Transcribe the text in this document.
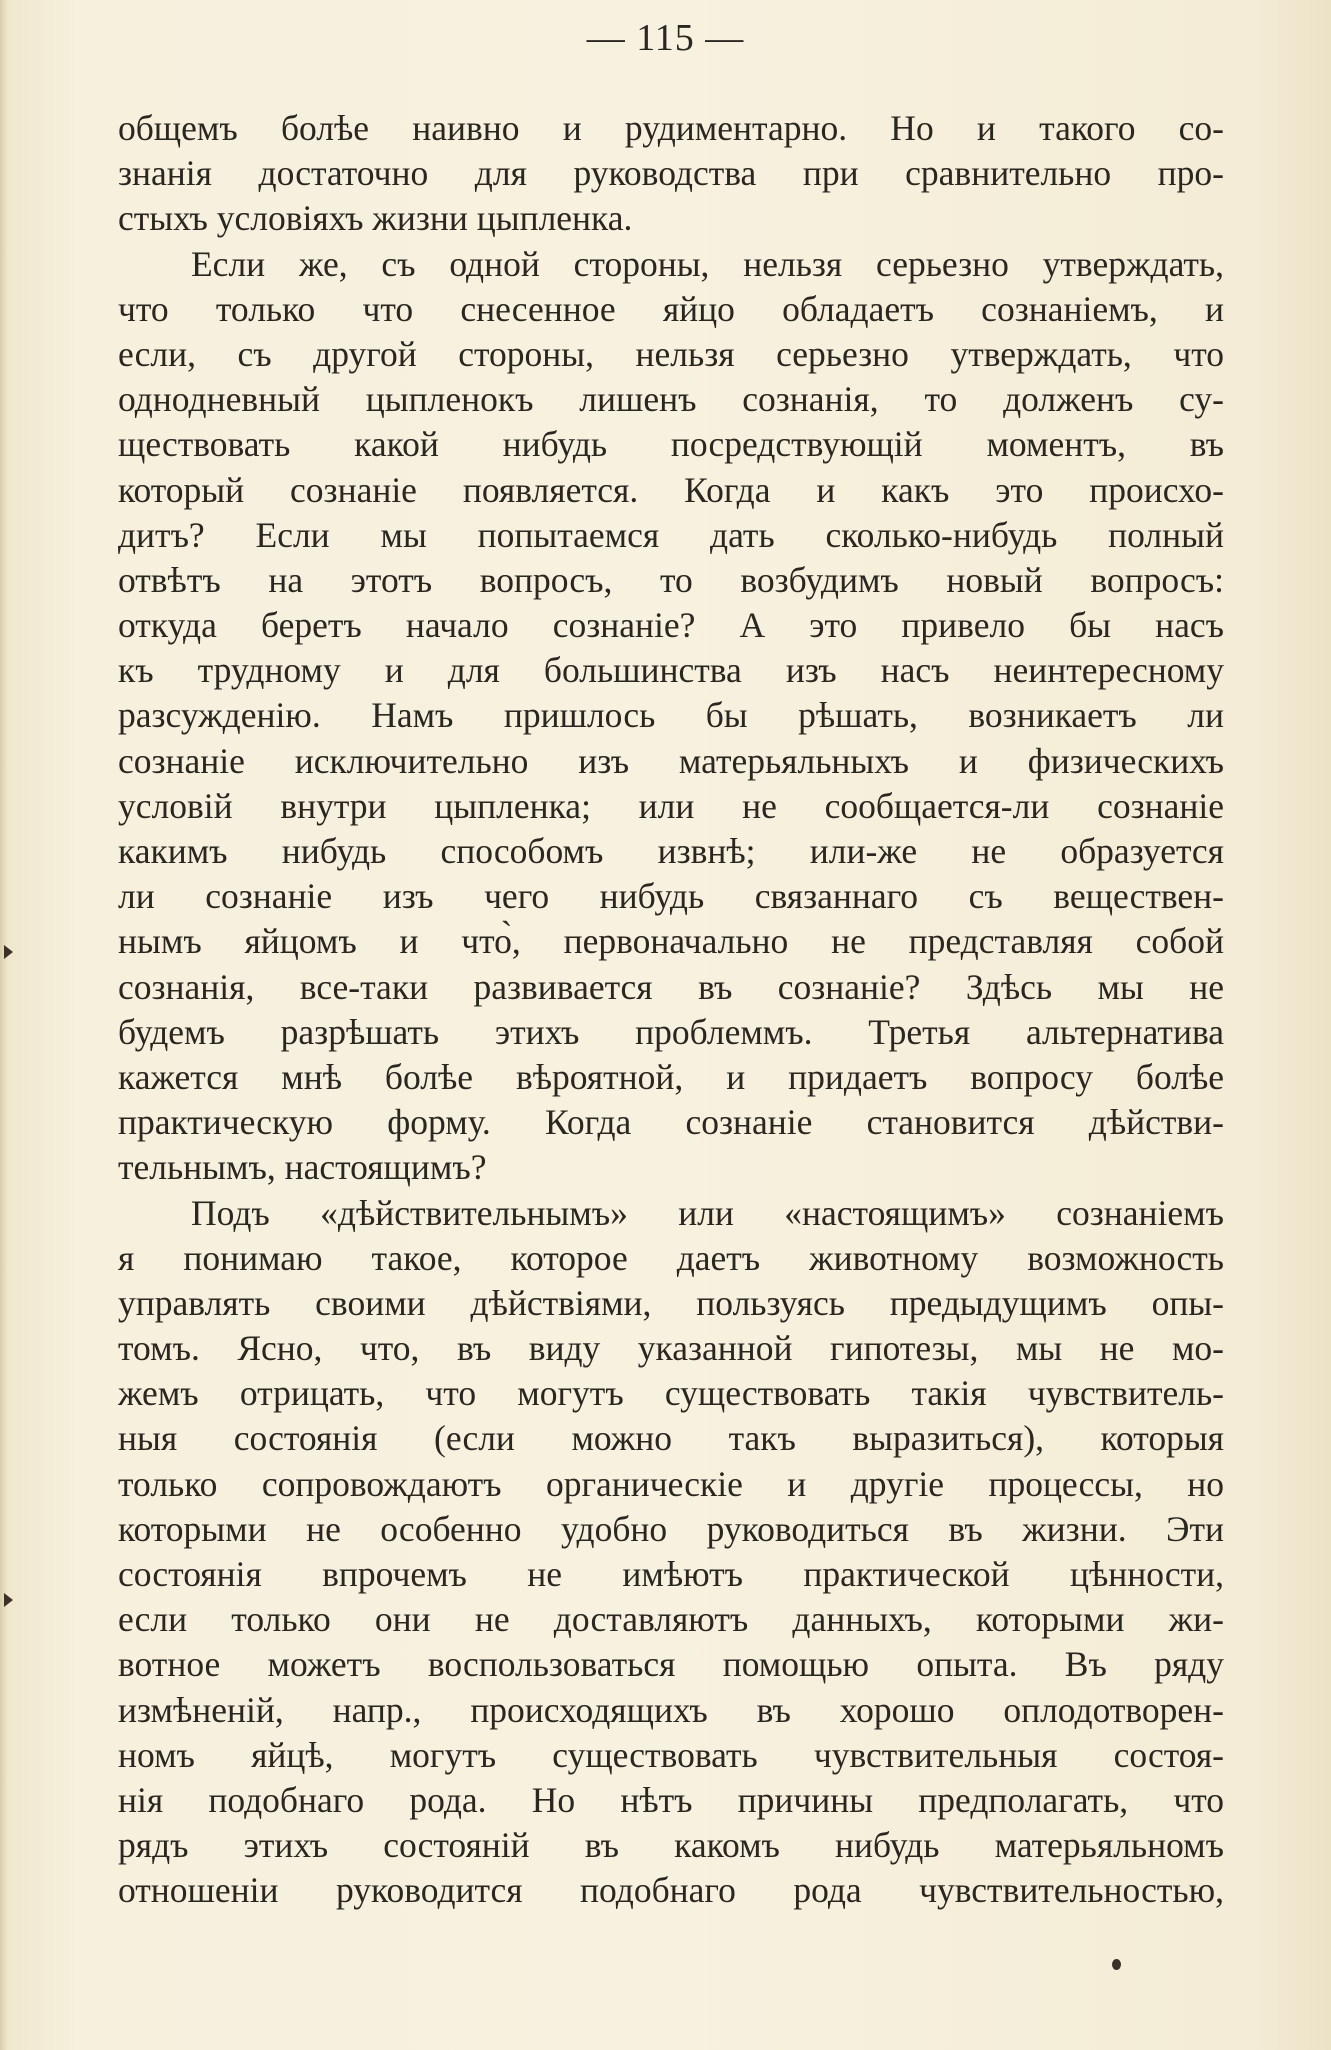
— 115 —
общемъ болѣе наивно и рудиментарно. Но и такого со-
знанія достаточно для руководства при сравнительно про-
стыхъ условіяхъ жизни цыпленка.
Если же, съ одной стороны, нельзя серьезно утверждать,
что только что снесенное яйцо обладаетъ сознаніемъ, и
если, съ другой стороны, нельзя серьезно утверждать, что
однодневный цыпленокъ лишенъ сознанія, то долженъ су-
ществовать какой нибудь посредствующій моментъ, въ
который сознаніе появляется. Когда и какъ это происхо-
дитъ? Если мы попытаемся дать сколько-нибудь полный
отвѣтъ на этотъ вопросъ, то возбудимъ новый вопросъ:
откуда беретъ начало сознаніе? А это привело бы насъ
къ трудному и для большинства изъ насъ неинтересному
разсужденію. Намъ пришлось бы рѣшать, возникаетъ ли
сознаніе исключительно изъ матерьяльныхъ и физическихъ
условій внутри цыпленка; или не сообщается-ли сознаніе
какимъ нибудь способомъ извнѣ; или-же не образуется
ли сознаніе изъ чего нибудь связаннаго съ веществен-
нымъ яйцомъ и что̀, первоначально не представляя собой
сознанія, все-таки развивается въ сознаніе? Здѣсь мы не
будемъ разрѣшать этихъ проблеммъ. Третья альтернатива
кажется мнѣ болѣе вѣроятной, и придаетъ вопросу болѣе
практическую форму. Когда сознаніе становится дѣйстви-
тельнымъ, настоящимъ?
Подъ «дѣйствительнымъ» или «настоящимъ» сознаніемъ
я понимаю такое, которое даетъ животному возможность
управлять своими дѣйствіями, пользуясь предыдущимъ опы-
томъ. Ясно, что, въ виду указанной гипотезы, мы не мо-
жемъ отрицать, что могутъ существовать такія чувствитель-
ныя состоянія (если можно такъ выразиться), которыя
только сопровождаютъ органическіе и другіе процессы, но
которыми не особенно удобно руководиться въ жизни. Эти
состоянія впрочемъ не имѣютъ практической цѣнности,
если только они не доставляютъ данныхъ, которыми жи-
вотное можетъ воспользоваться помощью опыта. Въ ряду
измѣненій, напр., происходящихъ въ хорошо оплодотворен-
номъ яйцѣ, могутъ существовать чувствительныя состоя-
нія подобнаго рода. Но нѣтъ причины предполагать, что
рядъ этихъ состояній въ какомъ нибудь матерьяльномъ
отношеніи руководится подобнаго рода чувствительностью,
